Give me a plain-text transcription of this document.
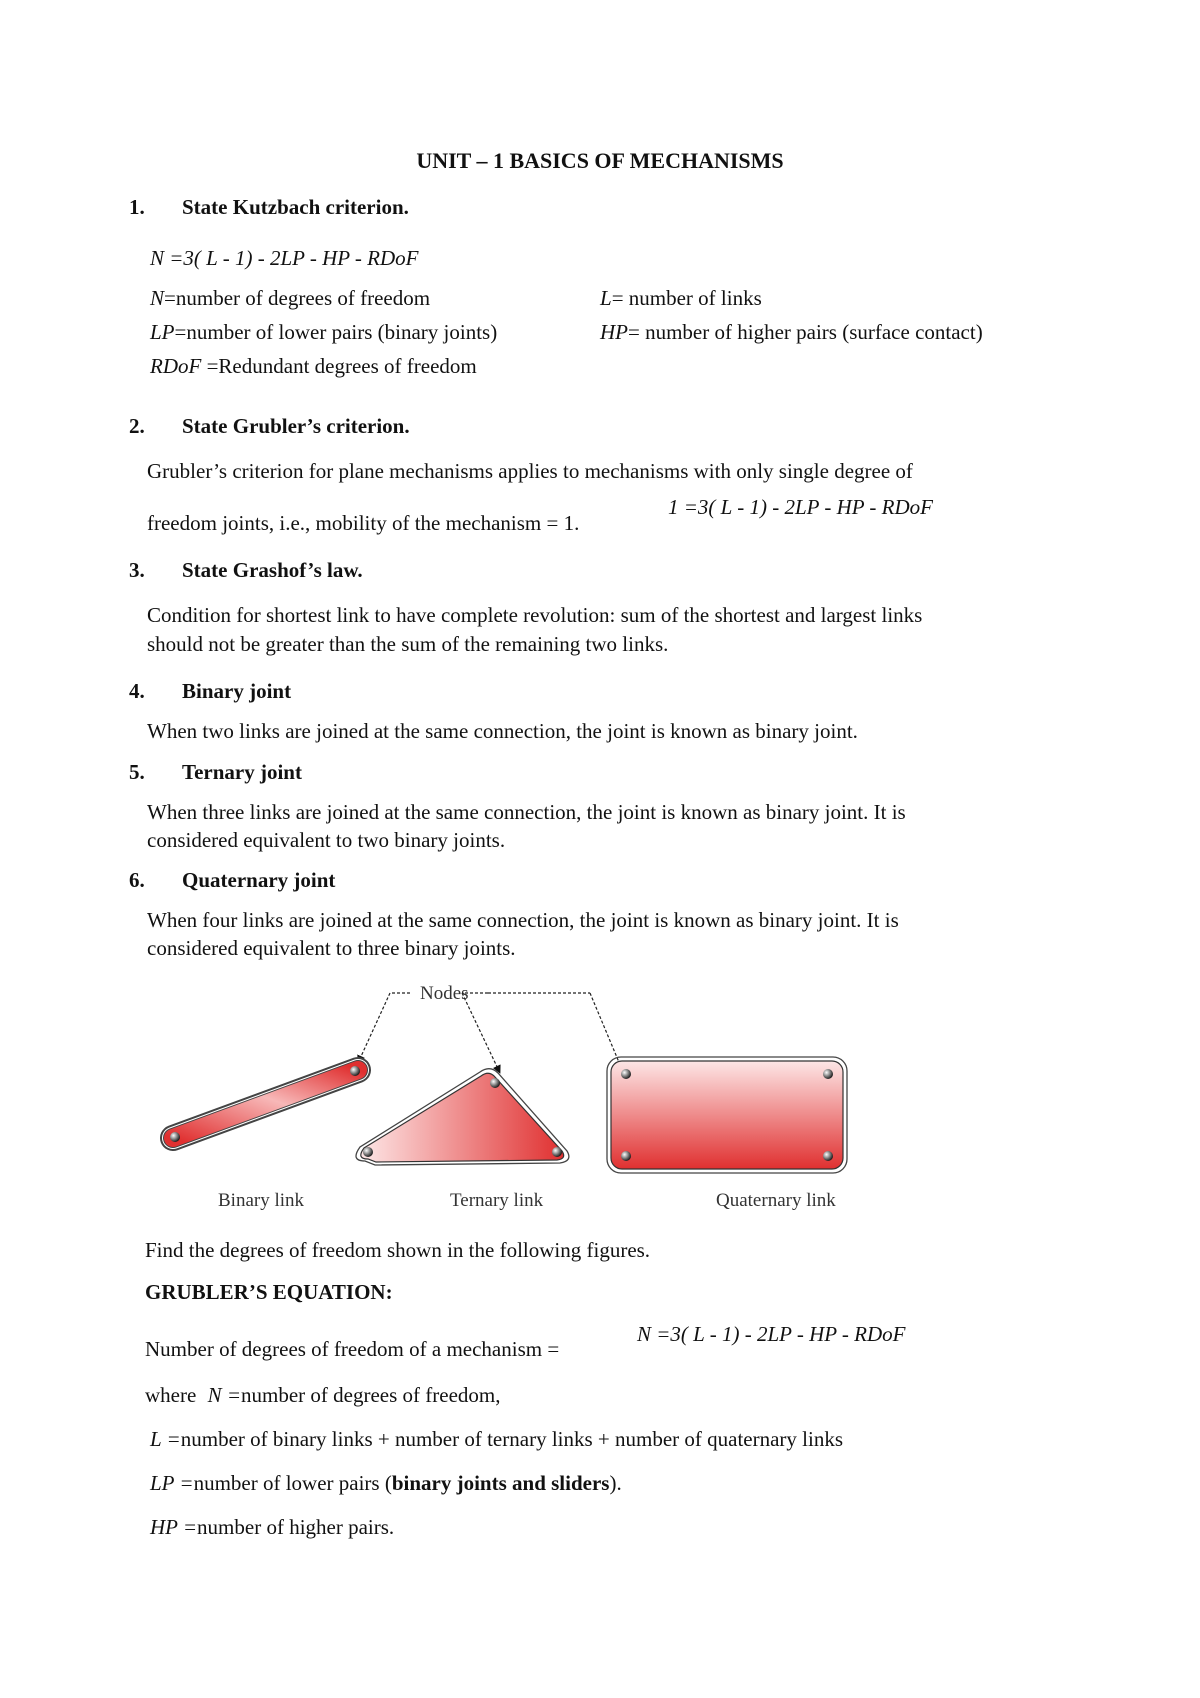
UNIT – 1 BASICS OF MECHANISMS
1. State Kutzbach criterion.
N =3( L - 1) - 2LP - HP - RDoF
N=number of degrees of freedom	L= number of links
LP=number of lower pairs (binary joints)	HP= number of higher pairs (surface contact)
RDoF =Redundant degrees of freedom
2. State Grubler’s criterion.
Grubler’s criterion for plane mechanisms applies to mechanisms with only single degree of
freedom joints, i.e., mobility of the mechanism = 1.
1 =3( L - 1) - 2LP - HP - RDoF
3. State Grashof’s law.
Condition for shortest link to have complete revolution: sum of the shortest and largest links
should not be greater than the sum of the remaining two links.
4. Binary joint
When two links are joined at the same connection, the joint is known as binary joint.
5. Ternary joint
When three links are joined at the same connection, the joint is known as binary joint. It is
considered equivalent to two binary joints.
6. Quaternary joint
When four links are joined at the same connection, the joint is known as binary joint. It is
considered equivalent to three binary joints.
Nodes
Binary link	Ternary link	Quaternary link
Find the degrees of freedom shown in the following figures.
GRUBLER’S EQUATION:
Number of degrees of freedom of a mechanism =
N =3( L - 1) - 2LP - HP - RDoF
where N =number of degrees of freedom,
L =number of binary links + number of ternary links + number of quaternary links
LP =number of lower pairs (binary joints and sliders).
HP =number of higher pairs.
